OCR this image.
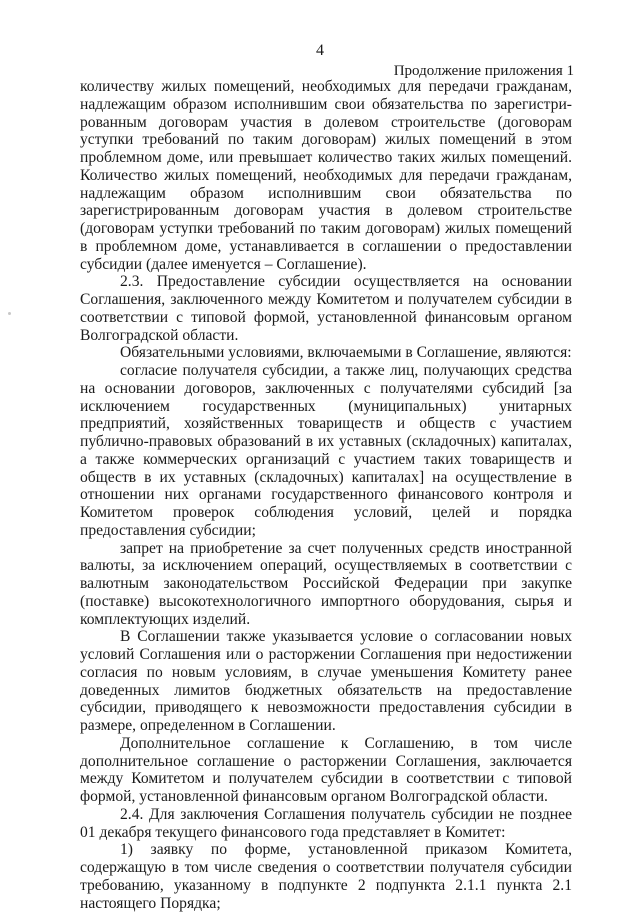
4
Продолжение приложения 1

количеству жилых помещений, необходимых для передачи гражданам, надлежащим образом исполнившим свои обязательства по зарегистри-рованным договорам участия в долевом строительстве (договорам уступки требований по таким договорам) жилых помещений в этом проблемном доме, или превышает количество таких жилых помещений. Количество жилых помещений, необходимых для передачи гражданам, надлежащим образом исполнившим свои обязательства по зарегистрированным договорам участия в долевом строительстве (договорам уступки требований по таким договорам) жилых помещений в проблемном доме, устанавливается в соглашении о предоставлении субсидии (далее именуется – Соглашение).

2.3. Предоставление субсидии осуществляется на основании Соглашения, заключенного между Комитетом и получателем субсидии в соответствии с типовой формой, установленной финансовым органом Волгоградской области.

Обязательными условиями, включаемыми в Соглашение, являются:

согласие получателя субсидии, а также лиц, получающих средства на основании договоров, заключенных с получателями субсидий [за исключением государственных (муниципальных) унитарных предприятий, хозяйственных товариществ и обществ с участием публично-правовых образований в их уставных (складочных) капиталах, а также коммерческих организаций с участием таких товариществ и обществ в их уставных (складочных) капиталах] на осуществление в отношении них органами государственного финансового контроля и Комитетом проверок соблюдения условий, целей и порядка предоставления субсидии;

запрет на приобретение за счет полученных средств иностранной валюты, за исключением операций, осуществляемых в соответствии с валютным законодательством Российской Федерации при закупке (поставке) высокотехнологичного импортного оборудования, сырья и комплектующих изделий.

В Соглашении также указывается условие о согласовании новых условий Соглашения или о расторжении Соглашения при недостижении согласия по новым условиям, в случае уменьшения Комитету ранее доведенных лимитов бюджетных обязательств на предоставление субсидии, приводящего к невозможности предоставления субсидии в размере, определенном в Соглашении.

Дополнительное соглашение к Соглашению, в том числе дополнительное соглашение о расторжении Соглашения, заключается между Комитетом и получателем субсидии в соответствии с типовой формой, установленной финансовым органом Волгоградской области.

2.4. Для заключения Соглашения получатель субсидии не позднее 01 декабря текущего финансового года представляет в Комитет:

1) заявку по форме, установленной приказом Комитета, содержащую в том числе сведения о соответствии получателя субсидии требованию, указанному в подпункте 2 подпункта 2.1.1 пункта 2.1 настоящего Порядка;
